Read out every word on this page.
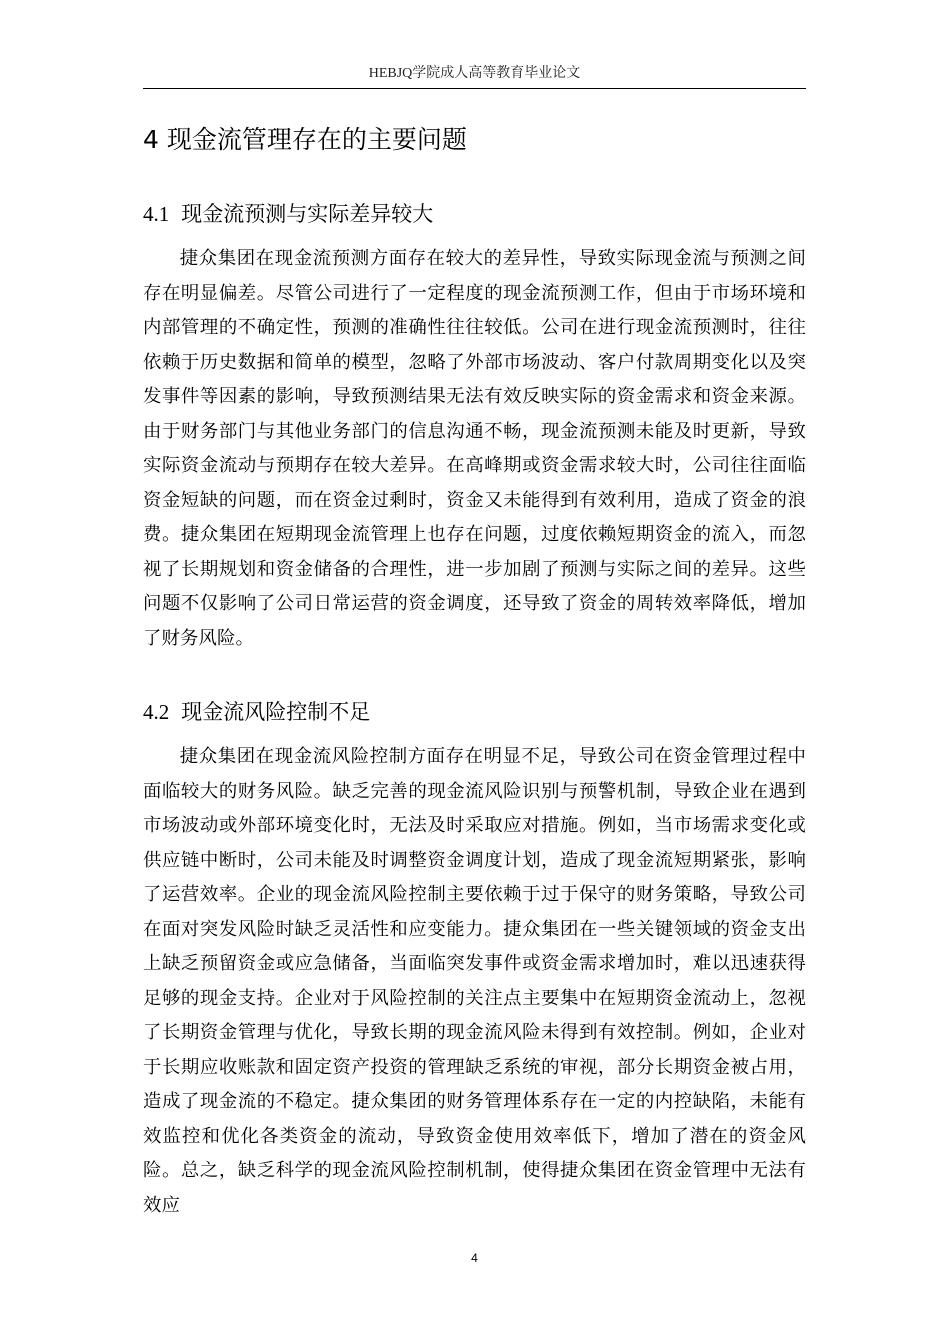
HEBJQ学院成人高等教育毕业论文
4 现金流管理存在的主要问题
4.1 现金流预测与实际差异较大

捷众集团在现金流预测方面存在较大的差异性，导致实际现金流与预测之间存在明显偏差。尽管公司进行了一定程度的现金流预测工作，但由于市场环境和内部管理的不确定性，预测的准确性往往较低。公司在进行现金流预测时，往往依赖于历史数据和简单的模型，忽略了外部市场波动、客户付款周期变化以及突发事件等因素的影响，导致预测结果无法有效反映实际的资金需求和资金来源。由于财务部门与其他业务部门的信息沟通不畅，现金流预测未能及时更新，导致实际资金流动与预期存在较大差异。在高峰期或资金需求较大时，公司往往面临资金短缺的问题，而在资金过剩时，资金又未能得到有效利用，造成了资金的浪费。捷众集团在短期现金流管理上也存在问题，过度依赖短期资金的流入，而忽视了长期规划和资金储备的合理性，进一步加剧了预测与实际之间的差异。这些问题不仅影响了公司日常运营的资金调度，还导致了资金的周转效率降低，增加了财务风险。

4.2 现金流风险控制不足

捷众集团在现金流风险控制方面存在明显不足，导致公司在资金管理过程中面临较大的财务风险。缺乏完善的现金流风险识别与预警机制，导致企业在遇到市场波动或外部环境变化时，无法及时采取应对措施。例如，当市场需求变化或供应链中断时，公司未能及时调整资金调度计划，造成了现金流短期紧张，影响了运营效率。企业的现金流风险控制主要依赖于过于保守的财务策略，导致公司在面对突发风险时缺乏灵活性和应变能力。捷众集团在一些关键领域的资金支出上缺乏预留资金或应急储备，当面临突发事件或资金需求增加时，难以迅速获得足够的现金支持。企业对于风险控制的关注点主要集中在短期资金流动上，忽视了长期资金管理与优化，导致长期的现金流风险未得到有效控制。例如，企业对于长期应收账款和固定资产投资的管理缺乏系统的审视，部分长期资金被占用，造成了现金流的不稳定。捷众集团的财务管理体系存在一定的内控缺陷，未能有效监控和优化各类资金的流动，导致资金使用效率低下，增加了潜在的资金风险。总之，缺乏科学的现金流风险控制机制，使得捷众集团在资金管理中无法有效应

4
